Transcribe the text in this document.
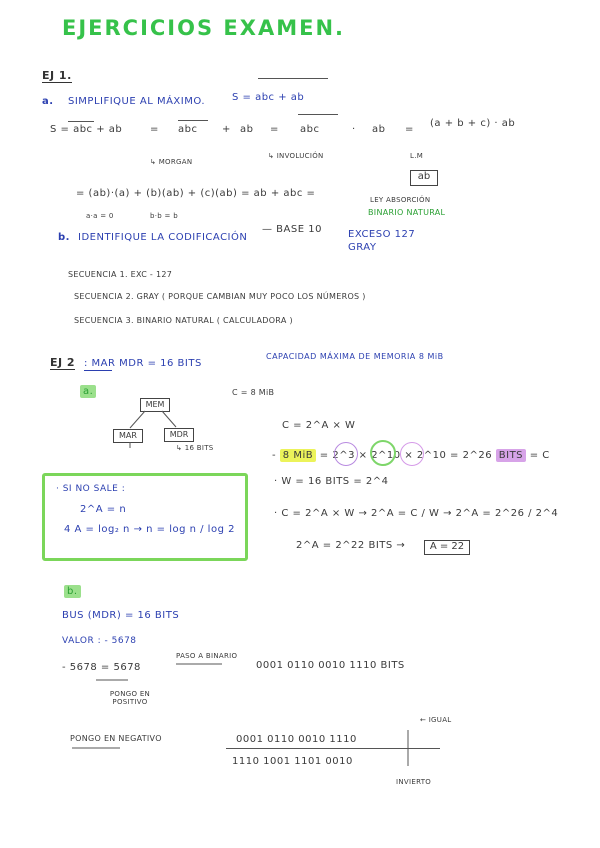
EJERCICIOS EXAMEN.
EJ 1.
a. SIMPLIFIQUE AL MÁXIMO.	S = abc + ab
S = abc + ab	= abc + ab = abc	· ab =
(a + b + c) · ab
↳ MORGAN
↳ INVOLUCIÓN	L.M
= (ab)·(a) + (b)(ab) + (c)(ab) = ab + abc =
ab
a·a = 0	b·b = b
LEY ABSORCIÓN
BINARIO NATURAL
b. IDENTIFIQUE LA CODIFICACIÓN
— BASE 10	EXCESO 127 GRAY
SECUENCIA 1. EXC - 127
SECUENCIA 2. GRAY ( PORQUE CAMBIAN MUY POCO LOS NÚMEROS )
SECUENCIA 3. BINARIO NATURAL ( CALCULADORA )
EJ 2 : MAR MDR = 16 BITS
CAPACIDAD MÁXIMA DE MEMORIA 8 MiB
a.	C = 8 MiB
MEM
MAR	MDR
↳ 16 BITS
C = 2^A × W
- 8 MiB = 2^3 × 2^10 × 2^10 = 2^26 BITS = C
· W = 16 BITS = 2^4
· C = 2^A × W → 2^A = C / W → 2^A = 2^26 / 2^4
2^A = 2^22 BITS →	A = 22
· SI NO SALE :
2^A = n
4 A = log₂ n → n = log n / log 2
b.
BUS (MDR) = 16 BITS
VALOR : - 5678
- 5678 = 5678
PASO A BINARIO
0001 0110 0010 1110 BITS
PONGO EN POSITIVO
PONGO EN NEGATIVO	0001 0110 0010 1110
1110 1001 1101 0010
← IGUAL
INVIERTO
